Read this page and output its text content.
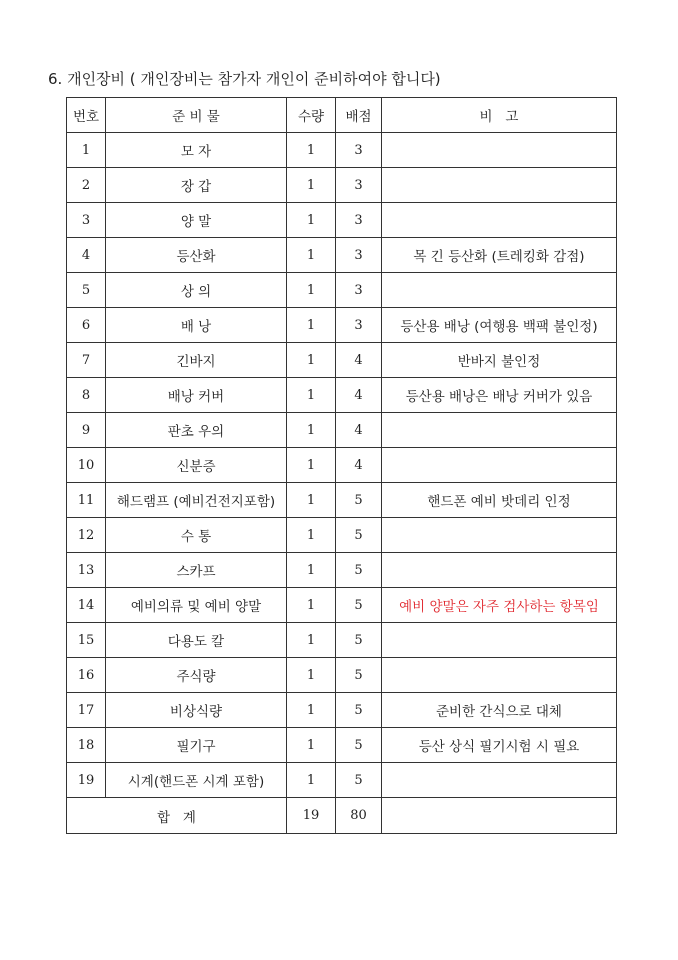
6. 개인장비 ( 개인장비는 참가자 개인이 준비하여야 합니다)
번호	준 비 물	수량	배점	비   고
1	모 자	1	3	
2	장 갑	1	3	
3	양 말	1	3	
4	등산화	1	3	목 긴 등산화 (트레킹화 감점)
5	상 의	1	3	
6	배 낭	1	3	등산용 배낭 (여행용 백팩 불인정)
7	긴바지	1	4	반바지 불인정
8	배낭 커버	1	4	등산용 배낭은 배낭 커버가 있음
9	판초 우의	1	4	
10	신분증	1	4	
11	해드램프 (예비건전지포함)	1	5	핸드폰 예비 밧데리 인정
12	수 통	1	5	
13	스카프	1	5	
14	예비의류 및 예비 양말	1	5	예비 양말은 자주 검사하는 항목임
15	다용도 칼	1	5	
16	주식량	1	5	
17	비상식량	1	5	준비한 간식으로 대체
18	필기구	1	5	등산 상식 필기시험 시 필요
19	시계(핸드폰 시계 포함)	1	5	
합   계		19	80	
